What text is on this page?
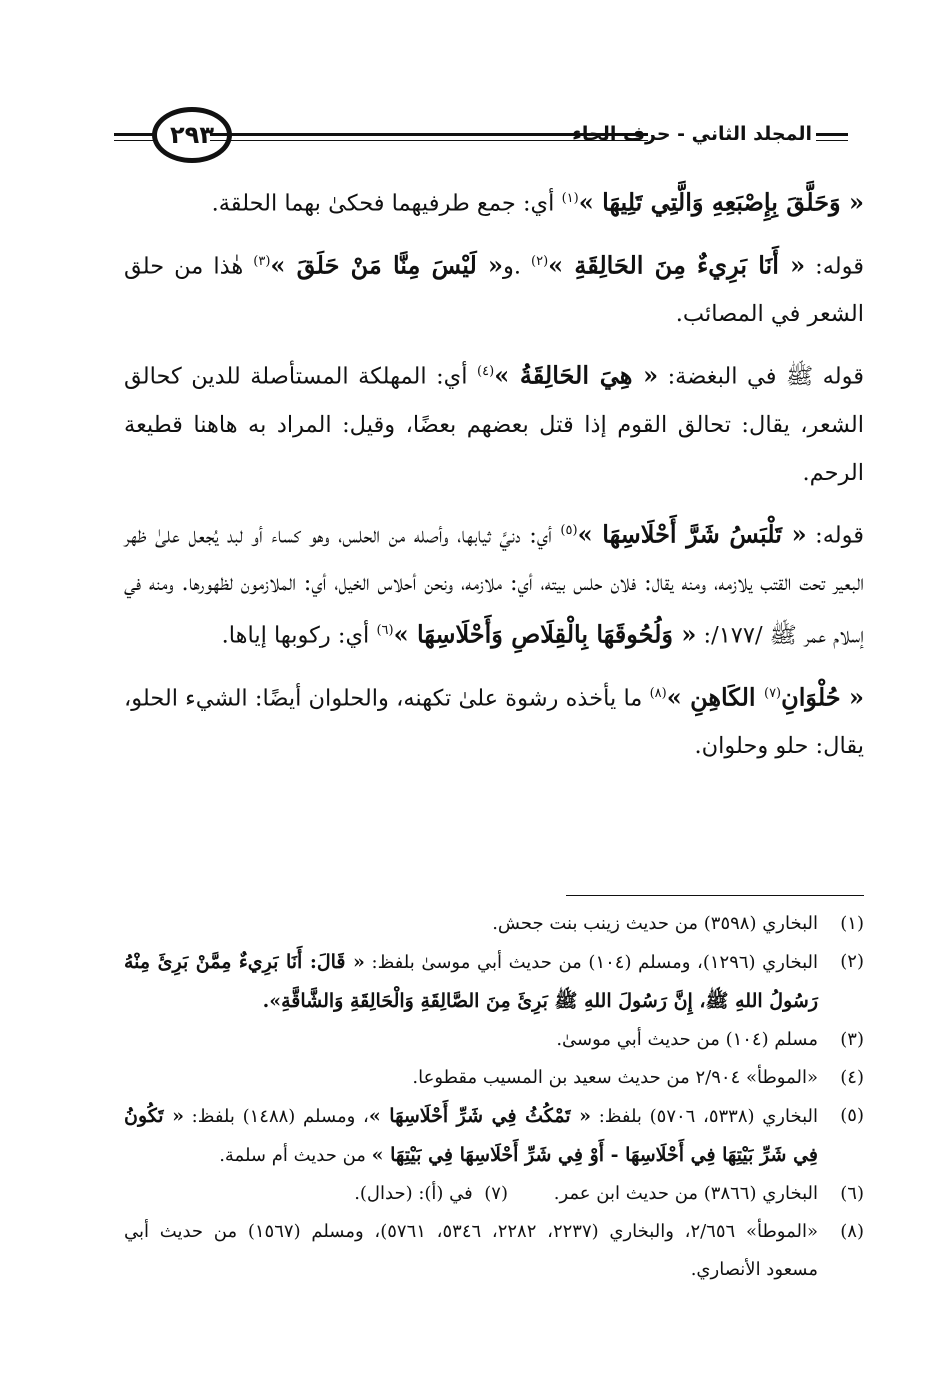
٢٩٣	المجلد الثاني - حرف الحاء

« وَحَلَّقَ بِإِصْبَعِهِ وَالَّتِي تَلِيهَا »$^{(١)}$ أي: جمع طرفيهما فحكىٰ بهما الحلقة.

قوله: « أَنَا بَرِيءٌ مِنَ الحَالِقَةِ »$^{(٢)}$ .و« لَيْسَ مِنَّا مَنْ حَلَقَ »$^{(٣)}$ هٰذا من حلق الشعر في المصائب.

قوله ﷺ في البغضة: « هِيَ الحَالِقَةُ »$^{(٤)}$ أي: المهلكة المستأصلة للدين كحالق الشعر، يقال: تحالق القوم إذا قتل بعضهم بعضًا، وقيل: المراد به هاهنا قطيعة الرحم.

قوله: « تَلْبَسُ شَرَّ أَحْلَاسِهَا »$^{(٥)}$ أي: دنيَّ ثيابها، وأصله من الحلس، وهو كساء أو لبد يُجعل علىٰ ظهر البعير تحت القتب يلازمه، ومنه يقال: فلان حلس بيته، أي: ملازمه، ونحن أحلاس الخيل، أي: الملازمون لظهورها. ومنه في إسلام عمر ﷺ /١٧٧/: « وَلُحُوقَهَا بِالْقِلَاصِ وَأَحْلَاسِهَا »$^{(٦)}$ أي: ركوبها إياها.

« حُلْوَانِ$^{(٧)}$ الكَاهِنِ »$^{(٨)}$ ما يأخذه رشوة علىٰ تكهنه، والحلوان أيضًا: الشيء الحلو، يقال: حلو وحلوان.

(١)
البخاري (٣٥٩٨) من حديث زينب بنت جحش.
(٢)
البخاري (١٢٩٦)، ومسلم (١٠٤) من حديث أبي موسىٰ بلفظ: « قَالَ: أَنَا بَرِيءٌ مِمَّنْ بَرِئَ مِنْهُ رَسُولُ اللهِ ﷺ، إِنَّ رَسُولَ اللهِ ﷺ بَرِئَ مِنَ الصَّالِقَةِ وَالْحَالِقَةِ وَالشَّاقَّةِ».
(٣)
مسلم (١٠٤) من حديث أبي موسىٰ.
(٤)
«الموطأ» ٢/٩٠٤ من حديث سعيد بن المسيب مقطوعا.
(٥)
البخاري (٥٣٣٨، ٥٧٠٦) بلفظ: « تَمْكُثُ فِي شَرِّ أَحْلَاسِهَا »، ومسلم (١٤٨٨) بلفظ: « تَكُونُ فِي شَرِّ بَيْتِهَا فِي أَحْلَاسِهَا - أَوْ فِي شَرِّ أَحْلَاسِهَا فِي بَيْتِهَا » من حديث أم سلمة.
(٦)
البخاري (٣٨٦٦) من حديث ابن عمر.        (٧)  في (أ): (حدال).
(٨)
«الموطأ» ٢/٦٥٦، والبخاري (٢٢٣٧، ٢٢٨٢، ٥٣٤٦، ٥٧٦١)، ومسلم (١٥٦٧) من حديث أبي مسعود الأنصاري.
